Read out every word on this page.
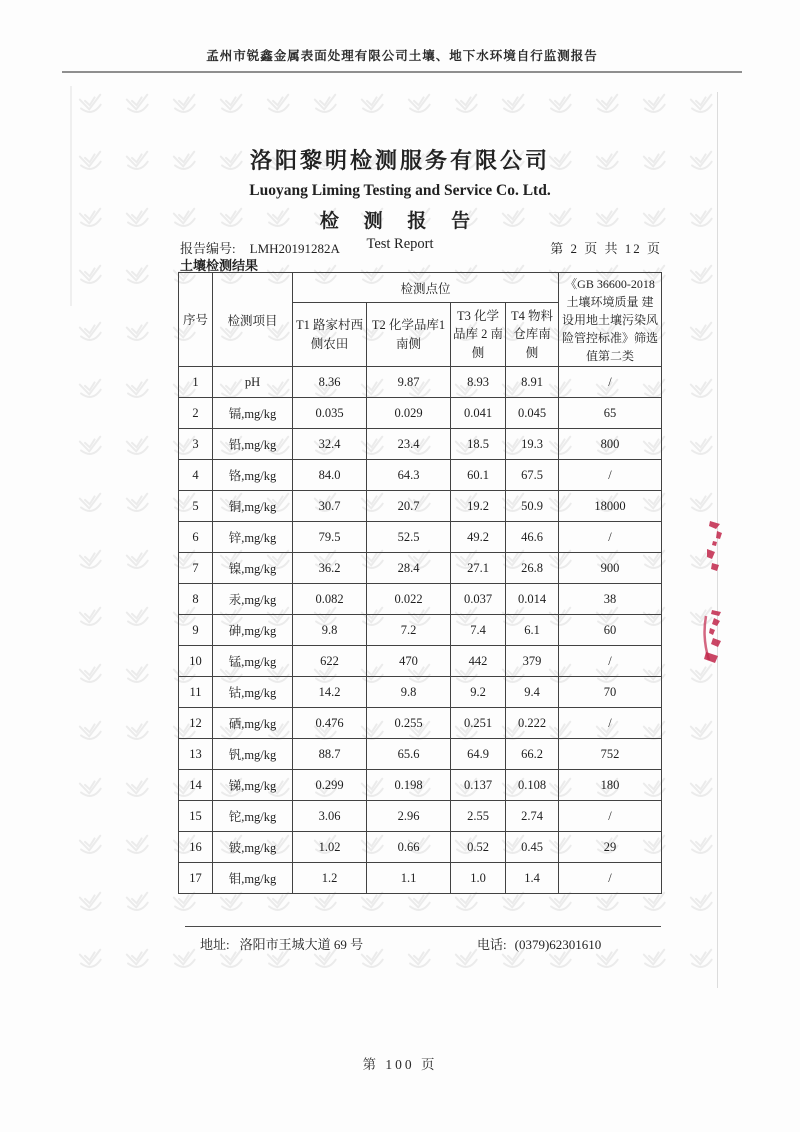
孟州市锐鑫金属表面处理有限公司土壤、地下水环境自行监测报告
洛阳黎明检测服务有限公司
Luoyang Liming Testing and Service Co. Ltd.
检 测 报 告
Test Report
报告编号: LMH20191282A	第 2 页 共 12 页
土壤检测结果
序号	检测项目	检测点位				《GB 36600-2018土壤环境质量 建设用地土壤污染风险管控标准》筛选值第二类
		T1 路家村西侧农田	T2 化学品库1 南侧	T3 化学品库 2 南侧	T4 物料仓库南侧	
1	pH	8.36	9.87	8.93	8.91	/
2	镉,mg/kg	0.035	0.029	0.041	0.045	65
3	铅,mg/kg	32.4	23.4	18.5	19.3	800
4	铬,mg/kg	84.0	64.3	60.1	67.5	/
5	铜,mg/kg	30.7	20.7	19.2	50.9	18000
6	锌,mg/kg	79.5	52.5	49.2	46.6	/
7	镍,mg/kg	36.2	28.4	27.1	26.8	900
8	汞,mg/kg	0.082	0.022	0.037	0.014	38
9	砷,mg/kg	9.8	7.2	7.4	6.1	60
10	锰,mg/kg	622	470	442	379	/
11	钴,mg/kg	14.2	9.8	9.2	9.4	70
12	硒,mg/kg	0.476	0.255	0.251	0.222	/
13	钒,mg/kg	88.7	65.6	64.9	66.2	752
14	锑,mg/kg	0.299	0.198	0.137	0.108	180
15	铊,mg/kg	3.06	2.96	2.55	2.74	/
16	铍,mg/kg	1.02	0.66	0.52	0.45	29
17	钼,mg/kg	1.2	1.1	1.0	1.4	/
地址: 洛阳市王城大道 69 号	电话: (0379)62301610
第 100 页
